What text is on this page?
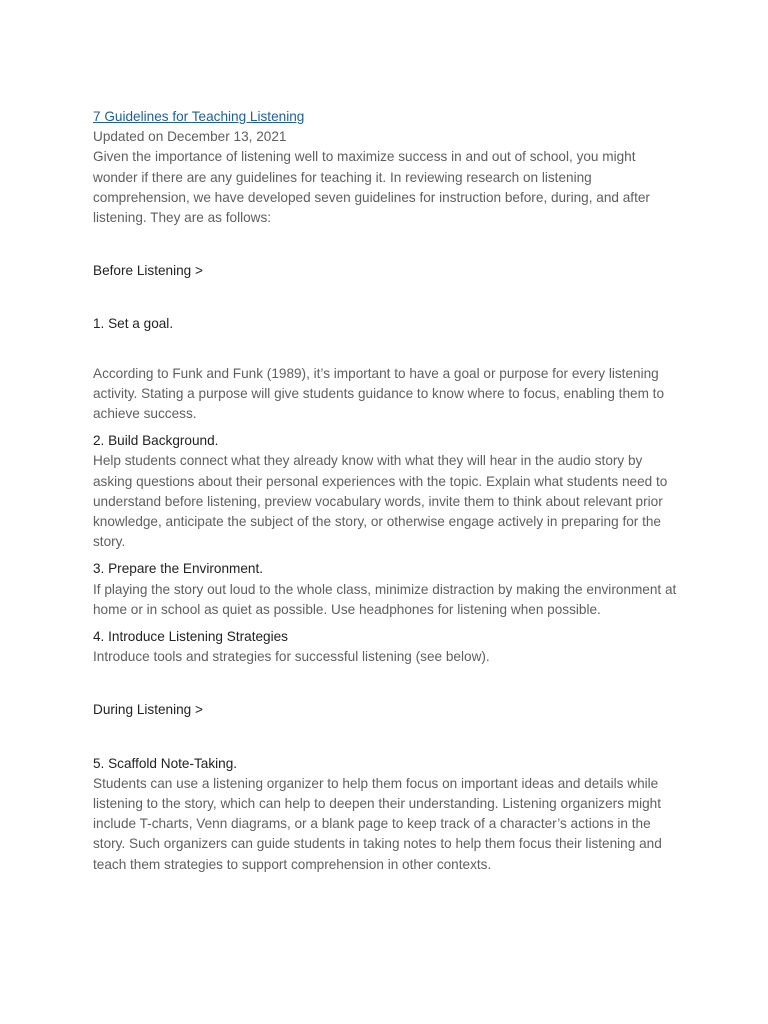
7 Guidelines for Teaching Listening

Updated on December 13, 2021

Given the importance of listening well to maximize success in and out of school, you might wonder if there are any guidelines for teaching it. In reviewing research on listening comprehension, we have developed seven guidelines for instruction before, during, and after listening. They are as follows:

Before Listening >

1. Set a goal.

According to Funk and Funk (1989), it’s important to have a goal or purpose for every listening activity. Stating a purpose will give students guidance to know where to focus, enabling them to achieve success.

2. Build Background.

Help students connect what they already know with what they will hear in the audio story by asking questions about their personal experiences with the topic. Explain what students need to understand before listening, preview vocabulary words, invite them to think about relevant prior knowledge, anticipate the subject of the story, or otherwise engage actively in preparing for the story.

3. Prepare the Environment.

If playing the story out loud to the whole class, minimize distraction by making the environment at home or in school as quiet as possible. Use headphones for listening when possible.

4. Introduce Listening Strategies

Introduce tools and strategies for successful listening (see below).

During Listening >

5. Scaffold Note-Taking.

Students can use a listening organizer to help them focus on important ideas and details while listening to the story, which can help to deepen their understanding. Listening organizers might include T-charts, Venn diagrams, or a blank page to keep track of a character’s actions in the story. Such organizers can guide students in taking notes to help them focus their listening and teach them strategies to support comprehension in other contexts.
